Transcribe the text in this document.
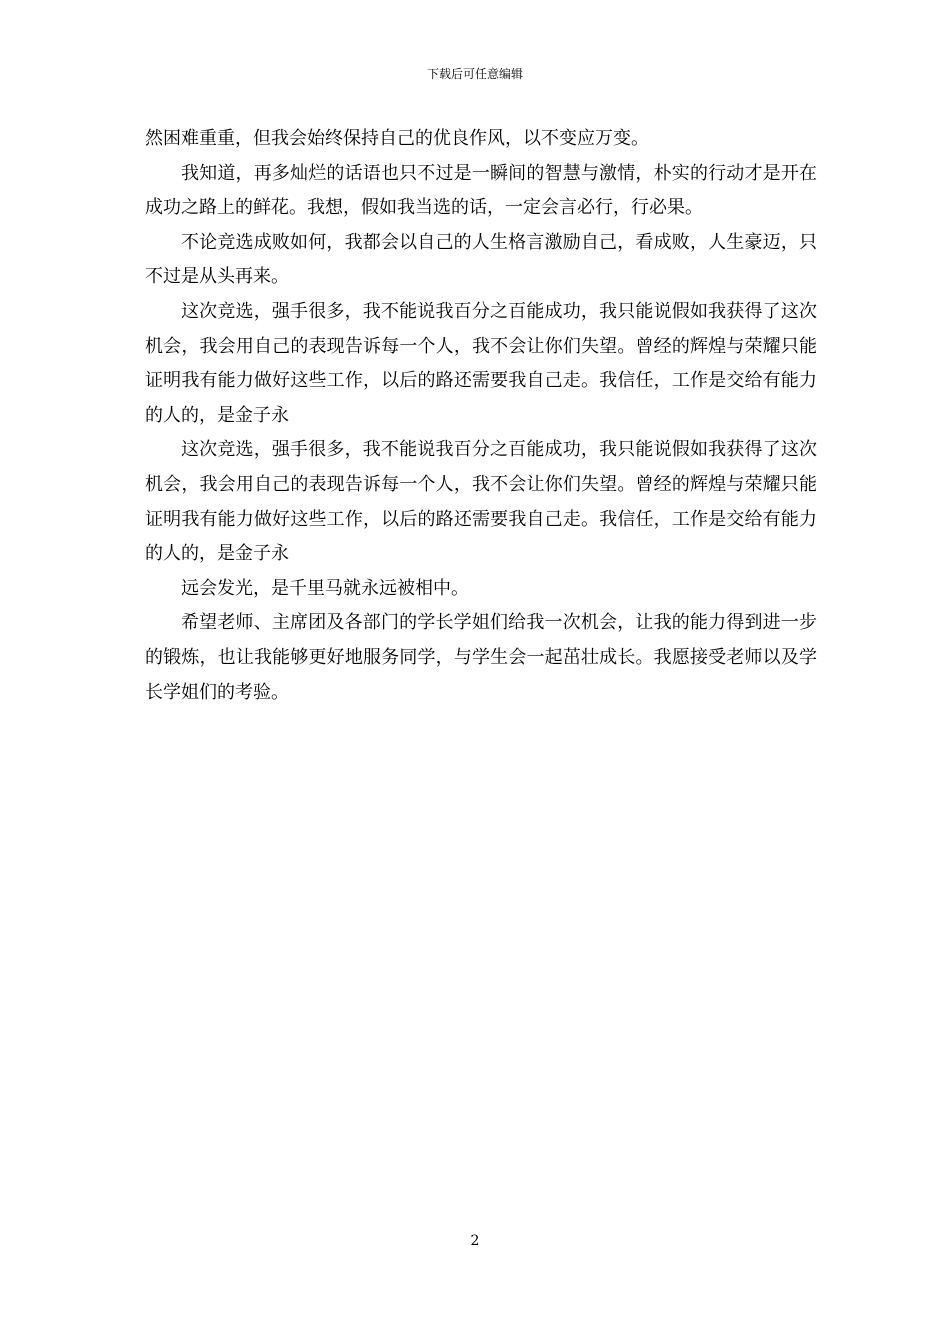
下载后可任意编辑

然困难重重，但我会始终保持自己的优良作风，以不变应万变。

我知道，再多灿烂的话语也只不过是一瞬间的智慧与激情，朴实的行动才是开在成功之路上的鲜花。我想，假如我当选的话，一定会言必行，行必果。

不论竞选成败如何，我都会以自己的人生格言激励自己，看成败，人生豪迈，只不过是从头再来。

这次竞选，强手很多，我不能说我百分之百能成功，我只能说假如我获得了这次机会，我会用自己的表现告诉每一个人，我不会让你们失望。曾经的辉煌与荣耀只能证明我有能力做好这些工作，以后的路还需要我自己走。我信任，工作是交给有能力的人的，是金子永

这次竞选，强手很多，我不能说我百分之百能成功，我只能说假如我获得了这次机会，我会用自己的表现告诉每一个人，我不会让你们失望。曾经的辉煌与荣耀只能证明我有能力做好这些工作，以后的路还需要我自己走。我信任，工作是交给有能力的人的，是金子永

远会发光，是千里马就永远被相中。

希望老师、主席团及各部门的学长学姐们给我一次机会，让我的能力得到进一步的锻炼，也让我能够更好地服务同学，与学生会一起茁壮成长。我愿接受老师以及学长学姐们的考验。

2
